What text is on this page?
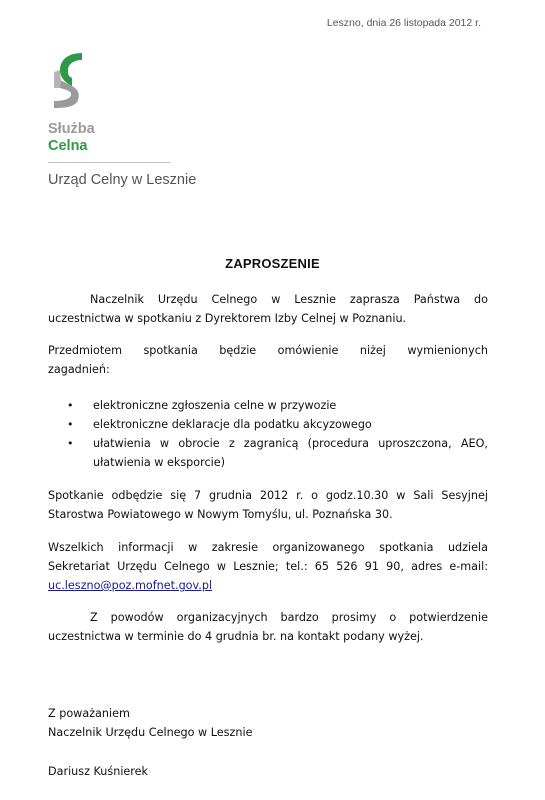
Leszno, dnia 26 listopada 2012 r.
Służba
Celna
Urząd Celny w Lesznie
ZAPROSZENIE
Naczelnik Urzędu Celnego w Lesznie zaprasza Państwa do
uczestnictwa w spotkaniu z Dyrektorem Izby Celnej w Poznaniu.
Przedmiotem spotkania będzie omówienie niżej wymienionych
zagadnień:
• elektroniczne zgłoszenia celne w przywozie
• elektroniczne deklaracje dla podatku akcyzowego
• ułatwienia w obrocie z zagranicą (procedura uproszczona, AEO,
ułatwienia w eksporcie)
Spotkanie odbędzie się 7 grudnia 2012 r. o godz.10.30 w Sali Sesyjnej
Starostwa Powiatowego w Nowym Tomyślu, ul. Poznańska 30.
Wszelkich informacji w zakresie organizowanego spotkania udziela
Sekretariat Urzędu Celnego w Lesznie; tel.: 65 526 91 90, adres e-mail:
uc.leszno@poz.mofnet.gov.pl
Z powodów organizacyjnych bardzo prosimy o potwierdzenie
uczestnictwa w terminie do 4 grudnia br. na kontakt podany wyżej.
Z poważaniem
Naczelnik Urzędu Celnego w Lesznie
Dariusz Kuśnierek
